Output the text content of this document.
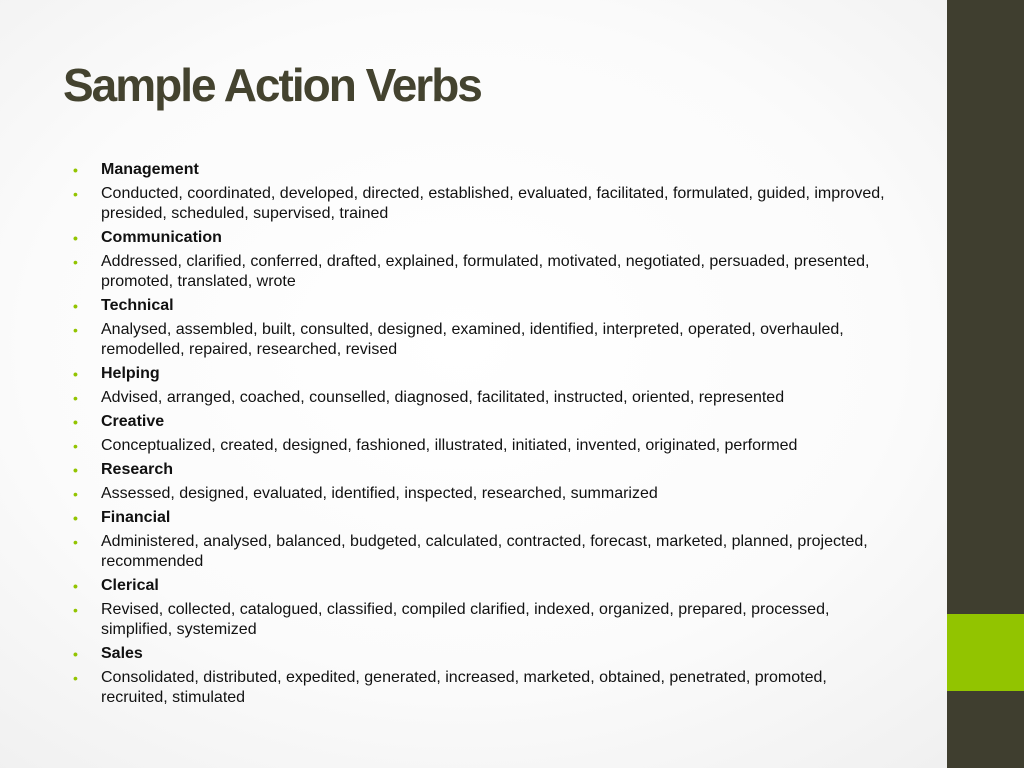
Sample Action Verbs
• Management
• Conducted, coordinated, developed, directed, established, evaluated, facilitated, formulated, guided, improved, presided, scheduled, supervised, trained
• Communication
• Addressed, clarified, conferred, drafted, explained, formulated, motivated, negotiated, persuaded, presented, promoted, translated, wrote
• Technical
• Analysed, assembled, built, consulted, designed, examined, identified, interpreted, operated, overhauled, remodelled, repaired, researched, revised
• Helping
• Advised, arranged, coached, counselled, diagnosed, facilitated, instructed, oriented, represented
• Creative
• Conceptualized, created, designed, fashioned, illustrated, initiated, invented, originated, performed
• Research
• Assessed, designed, evaluated, identified, inspected, researched, summarized
• Financial
• Administered, analysed, balanced, budgeted, calculated, contracted, forecast, marketed, planned, projected, recommended
• Clerical
• Revised, collected, catalogued, classified, compiled clarified, indexed, organized, prepared, processed, simplified, systemized
• Sales
• Consolidated, distributed, expedited, generated, increased, marketed, obtained, penetrated, promoted, recruited, stimulated
